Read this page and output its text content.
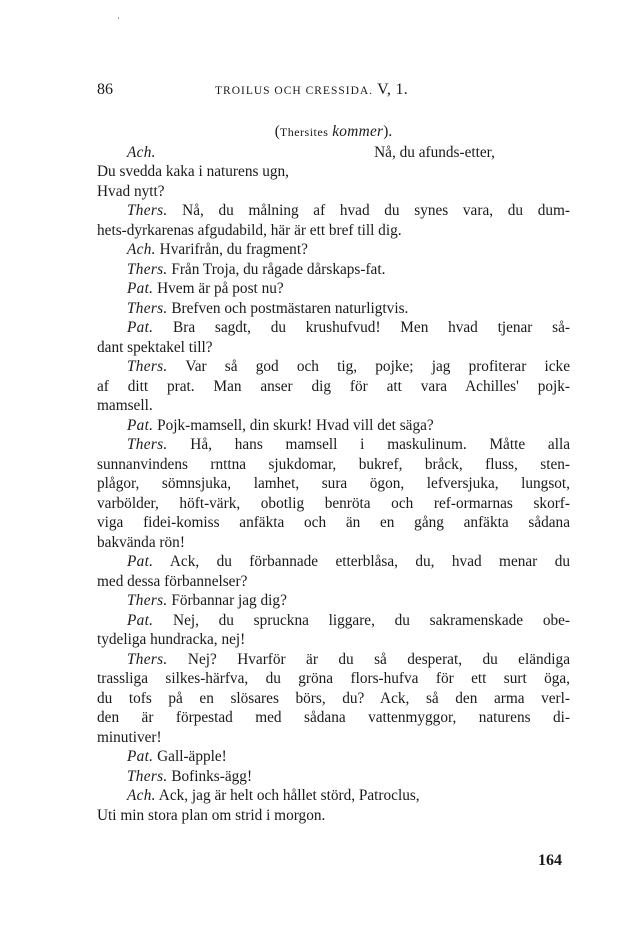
·
86	TROILUS OCH CRESSIDA. V, 1.
(Thersites kommer).
Ach.	Nå, du afunds-etter,
Du svedda kaka i naturens ugn,
Hvad nytt?
Thers. Nå, du målning af hvad du synes vara, du dum-
hets-dyrkarenas afgudabild, här är ett bref till dig.
Ach. Hvarifrån, du fragment?
Thers. Från Troja, du rågade dårskaps-fat.
Pat. Hvem är på post nu?
Thers. Brefven och postmästaren naturligtvis.
Pat. Bra sagdt, du krushufvud! Men hvad tjenar så-
dant spektakel till?
Thers. Var så god och tig, pojke; jag profiterar icke
af ditt prat. Man anser dig för att vara Achilles' pojk-
mamsell.
Pat. Pojk-mamsell, din skurk! Hvad vill det säga?
Thers. Hå, hans mamsell i maskulinum. Måtte alla
sunnanvindens rnttna sjukdomar, bukref, bråck, fluss, sten-
plågor, sömnsjuka, lamhet, sura ögon, lefversjuka, lungsot,
varbölder, höft-värk, obotlig benröta och ref-ormarnas skorf-
viga fidei-komiss anfäkta och än en gång anfäkta sådana
bakvända rön!
Pat. Ack, du förbannade etterblåsa, du, hvad menar du
med dessa förbannelser?
Thers. Förbannar jag dig?
Pat. Nej, du spruckna liggare, du sakramenskade obe-
tydeliga hundracka, nej!
Thers. Nej? Hvarför är du så desperat, du eländiga
trassliga silkes-härfva, du gröna flors-hufva för ett surt öga,
du tofs på en slösares börs, du? Ack, så den arma verl-
den är förpestad med sådana vattenmyggor, naturens di-
minutiver!
Pat. Gall-äpple!
Thers. Bofinks-ägg!
Ach. Ack, jag är helt och hållet störd, Patroclus,
Uti min stora plan om strid i morgon.
164
